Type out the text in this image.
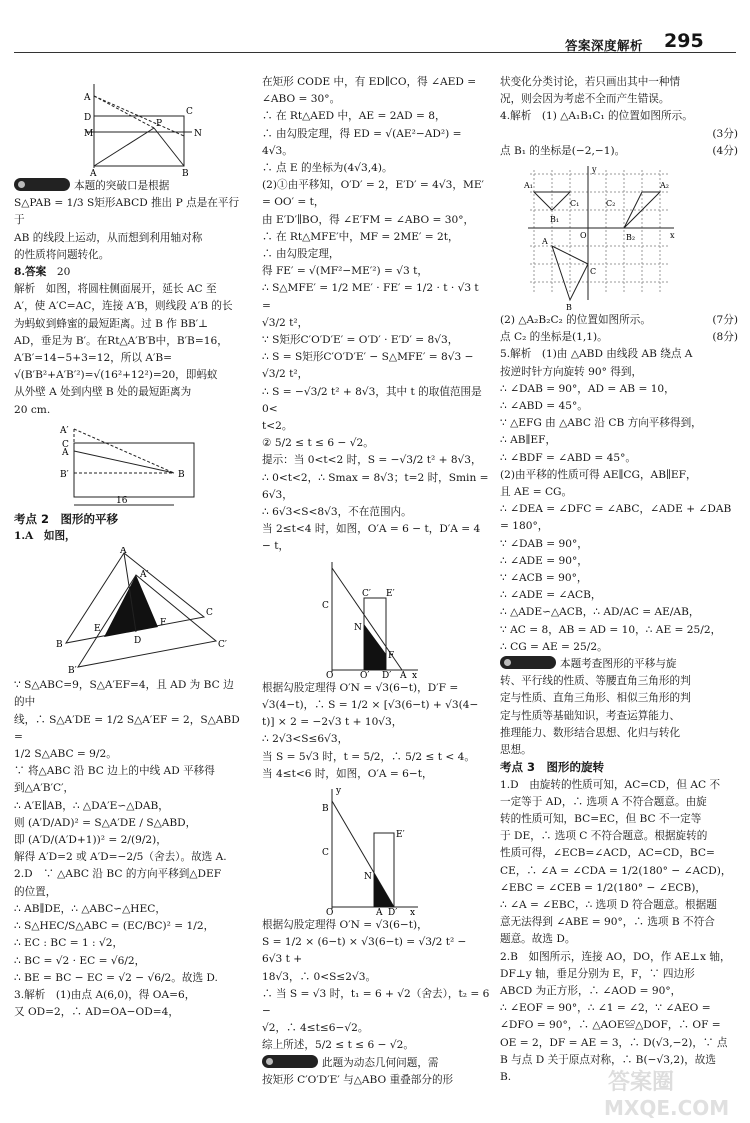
答案深度解析 295
A
D
C
M	N
P
A	B

本题的突破口是根据

S△PAB = 1/3 S矩形ABCD 推出 P 点是在平行于

AB 的线段上运动，从而想到利用轴对称

的性质将问题转化。

8.答案　 20

解析　如图，将圆柱侧面展开，延长 AC 至

A′，使 A′C=AC，连接 A′B，则线段 A′B 的长

为蚂蚁到蜂蜜的最短距离。过 B 作 BB′⊥

AD，垂足为 B′。在Rt△A′B′B中，B′B=16，

A′B′=14−5+3=12，所以 A′B=

√(B′B²+A′B′²)=√(16²+12²)=20，即蚂蚁

从外壁 A 处到内壁 B 处的最短距离为

20 cm.

A′
A
B′	B
C
16

考点 2　图形的平移

1.A　如图，

A
A′
B
B′
C
C′
D
E
F

∵ S△ABC=9，S△A′EF=4，且 AD 为 BC 边的中

线，∴ S△A′DE = 1/2 S△A′EF = 2，S△ABD =

1/2 S△ABC = 9/2。

∵ 将△ABC 沿 BC 边上的中线 AD 平移得

到△A′B′C′，

∴ A′E∥AB，∴ △DA′E∽△DAB，

则 (A′D/AD)² = S△A′DE / S△ABD，

即 (A′D/(A′D+1))² = 2/(9/2)，

解得 A′D=2 或 A′D=−2/5（舍去）。故选 A.

2.D　∵ △ABC 沿 BC 的方向平移到△DEF

的位置，

∴ AB∥DE，∴ △ABC∽△HEC，

∴ S△HEC/S△ABC = (EC/BC)² = 1/2，

∴ EC : BC = 1 : √2，

∴ BC = √2 · EC = √6/2，

∴ BE = BC − EC = √2 − √6/2。故选 D.

3.解析　(1)由点 A(6,0)，得 OA=6，

又 OD=2，∴ AD=OA−OD=4，

在矩形 CODE 中，有 ED∥CO，得 ∠AED =

∠ABO = 30°。

∴ 在 Rt△AED 中，AE = 2AD = 8，

∴ 由勾股定理，得 ED = √(AE²−AD²) = 4√3。

∴ 点 E 的坐标为(4√3,4)。

(2)①由平移知，O′D′ = 2，E′D′ = 4√3，ME′

= OO′ = t，

由 E′D′∥BO，得 ∠E′FM = ∠ABO = 30°，

∴ 在 Rt△MFE′中，MF = 2ME′ = 2t，

∴ 由勾股定理，

得 FE′ = √(MF²−ME′²) = √3 t，

∴ S△MFE′ = 1/2 ME′ · FE′ = 1/2 · t · √3 t =

√3/2 t²，

∵ S矩形C′O′D′E′ = O′D′ · E′D′ = 8√3，

∴ S = S矩形C′O′D′E′ − S△MFE′ = 8√3 − √3/2 t²，

∴ S = −√3/2 t² + 8√3，其中 t 的取值范围是 0<

t<2。

② 5/2 ≤ t ≤ 6 − √2。

提示：当 0<t<2 时，S = −√3/2 t² + 8√3，

∴ 0<t<2，∴ Smax = 8√3；t=2 时，Smin = 6√3，

∴ 6√3<S<8√3，不在范围内。

当 2≤t<4 时，如图，O′A = 6 − t，D′A = 4 − t，

C
C′ E′
N
F
O	O′ D′ A x

根据勾股定理得 O′N = √3(6−t)，D′F =

√3(4−t)，∴ S = 1/2 × [√3(6−t) + √3(4−

t)] × 2 = −2√3 t + 10√3，

∴ 2√3<S≤6√3，

当 S = 5√3 时，t = 5/2，∴ 5/2 ≤ t < 4。

当 4≤t<6 时，如图，O′A = 6−t，

y
B
C
E′
N
O	A D′ x

根据勾股定理得 O′N = √3(6−t)，

S = 1/2 × (6−t) × √3(6−t) = √3/2 t² − 6√3 t +

18√3，∴ 0<S≤2√3。

∴ 当 S = √3 时，t₁ = 6 + √2（舍去），t₂ = 6 −

√2，∴ 4≤t≤6−√2。

综上所述，5/2 ≤ t ≤ 6 − √2。

此题为动态几何问题，需

按矩形 C′O′D′E′ 与△ABO 重叠部分的形

状变化分类讨论，若只画出其中一种情

况，则会因为考虑不全而产生错误。

4.解析　(1) △A₁B₁C₁ 的位置如图所示。

(3分)

点 B₁ 的坐标是(−2,−1)。	(4分)

A₁	A₂
A
B₁
C₁	C₂
B₂
C
B
O	x
y

(2) △A₂B₂C₂ 的位置如图所示。	(7分)

点 C₂ 的坐标是(1,1)。	(8分)

5.解析　(1)由 △ABD 由线段 AB 绕点 A

按逆时针方向旋转 90° 得到，

∴ ∠DAB = 90°，AD = AB = 10，

∴ ∠ABD = 45°。

∵ △EFG 由 △ABC 沿 CB 方向平移得到，

∴ AB∥EF，

∴ ∠BDF = ∠ABD = 45°。

(2)由平移的性质可得 AE∥CG，AB∥EF，

且 AE = CG。

∴ ∠DEA = ∠DFC = ∠ABC，∠ADE + ∠DAB

= 180°，

∵ ∠DAB = 90°，

∴ ∠ADE = 90°，

∵ ∠ACB = 90°，

∴ ∠ADE = ∠ACB，

∴ △ADE∽△ACB，∴ AD/AC = AE/AB，

∵ AC = 8，AB = AD = 10，∴ AE = 25/2，

∴ CG = AE = 25/2。

本题考查图形的平移与旋

转、平行线的性质、等腰直角三角形的判

定与性质、直角三角形、相似三角形的判

定与性质等基础知识，考查运算能力、

推理能力、数形结合思想、化归与转化

思想。

考点 3　图形的旋转

1.D　由旋转的性质可知，AC=CD，但 AC 不

一定等于 AD，∴ 选项 A 不符合题意。由旋

转的性质可知，BC=EC，但 BC 不一定等

于 DE，∴ 选项 C 不符合题意。根据旋转的

性质可得，∠ECB=∠ACD，AC=CD，BC=

CE，∴ ∠A = ∠CDA = 1/2(180° − ∠ACD)，

∠EBC = ∠CEB = 1/2(180° − ∠ECB)，

∴ ∠A = ∠EBC，∴ 选项 D 符合题意。根据题

意无法得到 ∠ABE = 90°，∴ 选项 B 不符合

题意。故选 D。

2.B　如图所示，连接 AO，DO，作 AE⊥x 轴，

DF⊥y 轴，垂足分别为 E，F，∵ 四边形

ABCD 为正方形，∴ ∠AOD = 90°，

∴ ∠EOF = 90°，∴ ∠1 = ∠2，∵ ∠AEO =

∠DFO = 90°，∴ △AOE≌△DOF，∴ OF =

OE = 2，DF = AE = 3，∴ D(√3,−2)，∵ 点

B 与点 D 关于原点对称，∴ B(−√3,2)，故选

B.	答案圈
MXQE.COM
